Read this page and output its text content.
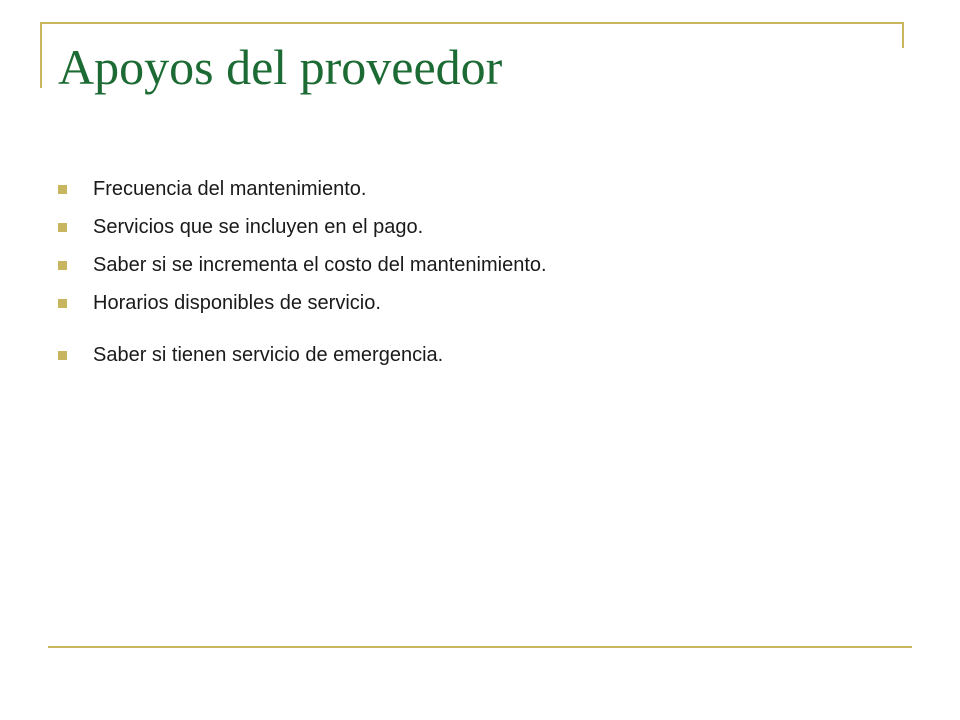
Apoyos del proveedor
Frecuencia del mantenimiento.
Servicios que se incluyen en el pago.
Saber si se incrementa el costo del mantenimiento.
Horarios disponibles de servicio.
Saber si tienen servicio de emergencia.
